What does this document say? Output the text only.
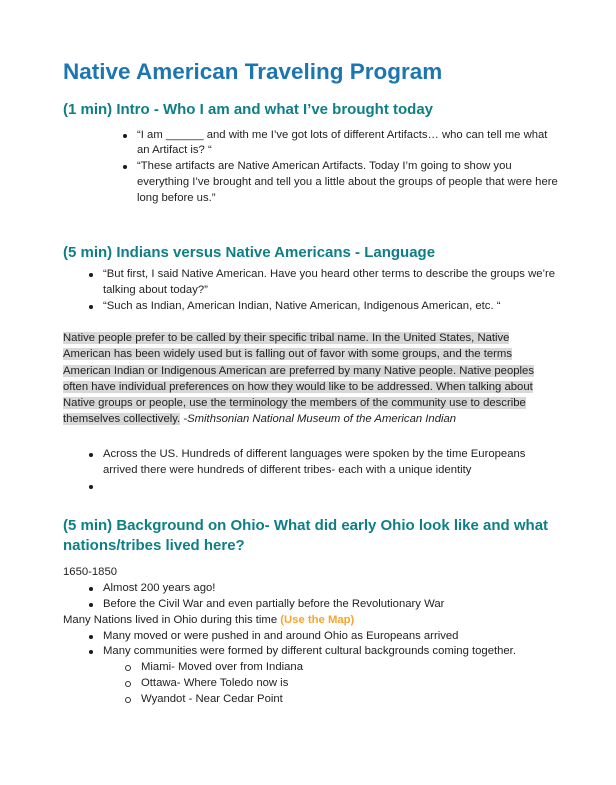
Native American Traveling Program
(1 min) Intro - Who I am and what I’ve brought today
“I am ______ and with me I’ve got lots of different Artifacts… who can tell me what an Artifact is? “
“These artifacts are Native American Artifacts. Today I’m going to show you everything I’ve brought and tell you a little about the groups of people that were here long before us.”
(5 min) Indians versus Native Americans - Language
“But first, I said Native American. Have you heard other terms to describe the groups we’re talking about today?”
“Such as Indian, American Indian, Native American, Indigenous American, etc. “

Native people prefer to be called by their specific tribal name. In the United States, Native American has been widely used but is falling out of favor with some groups, and the terms American Indian or Indigenous American are preferred by many Native people. Native peoples often have individual preferences on how they would like to be addressed. When talking about Native groups or people, use the terminology the members of the community use to describe themselves collectively. -Smithsonian National Museum of the American Indian

Across the US. Hundreds of different languages were spoken by the time Europeans arrived there were hundreds of different tribes- each with a unique identity
(5 min) Background on Ohio- What did early Ohio look like and what nations/tribes lived here?
1650-1850
Almost 200 years ago!
Before the Civil War and even partially before the Revolutionary War
Many Nations lived in Ohio during this time (Use the Map)
Many moved or were pushed in and around Ohio as Europeans arrived
Many communities were formed by different cultural backgrounds coming together.
Miami- Moved over from Indiana
Ottawa- Where Toledo now is
Wyandot - Near Cedar Point
